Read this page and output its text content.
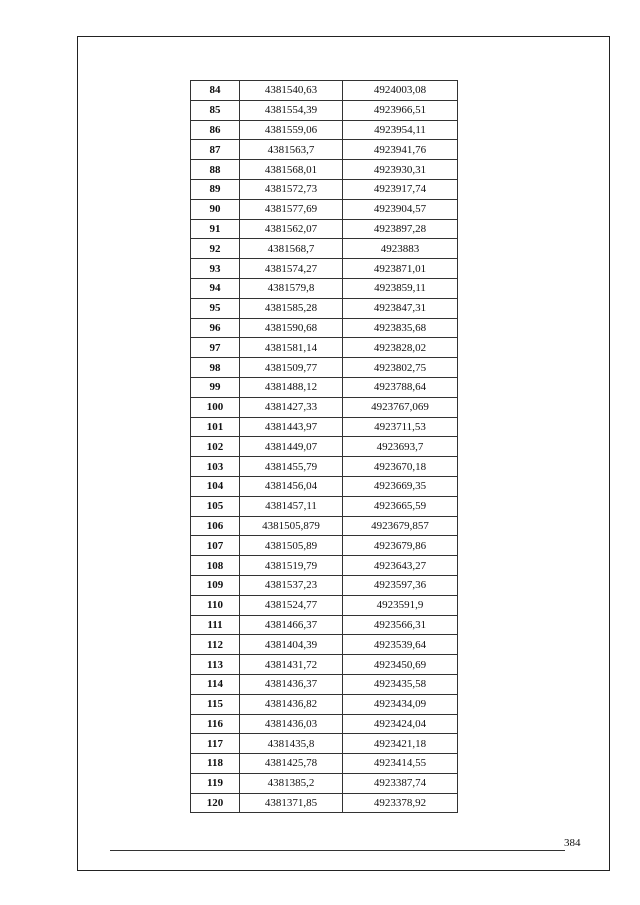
84	4381540,63	4924003,08
85	4381554,39	4923966,51
86	4381559,06	4923954,11
87	4381563,7	4923941,76
88	4381568,01	4923930,31
89	4381572,73	4923917,74
90	4381577,69	4923904,57
91	4381562,07	4923897,28
92	4381568,7	4923883
93	4381574,27	4923871,01
94	4381579,8	4923859,11
95	4381585,28	4923847,31
96	4381590,68	4923835,68
97	4381581,14	4923828,02
98	4381509,77	4923802,75
99	4381488,12	4923788,64
100	4381427,33	4923767,069
101	4381443,97	4923711,53
102	4381449,07	4923693,7
103	4381455,79	4923670,18
104	4381456,04	4923669,35
105	4381457,11	4923665,59
106	4381505,879	4923679,857
107	4381505,89	4923679,86
108	4381519,79	4923643,27
109	4381537,23	4923597,36
110	4381524,77	4923591,9
111	4381466,37	4923566,31
112	4381404,39	4923539,64
113	4381431,72	4923450,69
114	4381436,37	4923435,58
115	4381436,82	4923434,09
116	4381436,03	4923424,04
117	4381435,8	4923421,18
118	4381425,78	4923414,55
119	4381385,2	4923387,74
120	4381371,85	4923378,92
384
